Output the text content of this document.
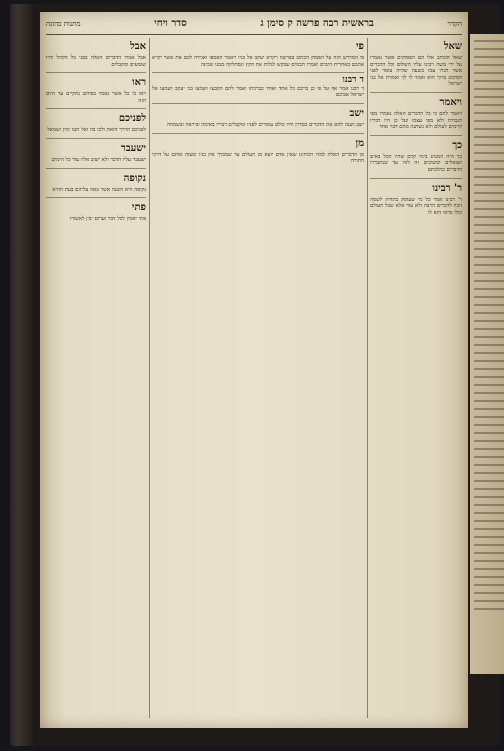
הקדר
בראשית רבה פרשה ק סימן ג
סדר ויחי
מתנות כהונה
שאל
שאל הכותב אלו הם הפסוקים אשר נאמרו על ידי משה רבינו עליו השלום וכל הדברים אשר דברו עמו בשעה שהיה עומד לפני המקום ברוך הוא ואמר לו לך ואמרת אל בני ישראל
ויאמר
ויאמר להם כי כל הדברים האלה נאמרו מפי הגבורה ולא מפי עצמו ועל כן היו דבריו קיימים לעולם ולא נשתנה מהם דבר אחד
כך
כך היה המנהג בימי קדם שהיו הכל באים ושואלים ומשיבים זה לזה עד שנתבררו הדברים כהלכתם
ר' רבינו
ר' רבינו אמר כל מי שעוסק בתורה לשמה זוכה לדברים הרבה ולא עוד אלא שכל העולם כולו כדאי הוא לו
פי
פי המדרש הזה על הפסוק הכתוב בפרשה ויקרא יעקב אל בניו ויאמר האספו ואגידה לכם את אשר יקרא אתכם באחרית הימים ואמרו חכמים שבקש לגלות את הקץ ונסתלקה ממנו שכינה
ד רבנו
ד רבנו אמר אף על פי כן ברכם כל אחד ואחד כברכתו ואמר להם הקבצו ושמעו בני יעקב ושמעו אל ישראל אביכם
ישב
ישב ושנה להם את הדברים כסדרן והיו כולם עומדים לפניו ומקבלים דבריו באימה וביראה ובשמחה
מן
מן הדברים האלה למדו רבותינו שאין אדם יוצא מן העולם עד שמברך את בניו ומצוה אותם על דרכי התורה
אבל
אבל אמרו הדברים האלה בפני כל הקהל והיו שומעים ומקבלים
ראו
ראו כי כל אשר נאמר בפיהם נתקיים עד היום הזה
לפניכם
לפניכם הדרך הזאת ולכו בה ואל תטו ימין ושמאל
ישעבר
ישעבר עליו הדבר ולא ישוב אליו עוד כל הימים
נקופה
נקופה היא השנה אשר באה עליהם בעת ההיא
פתי
פתי יאמין לכל דבר וערום יבין לאשורו
